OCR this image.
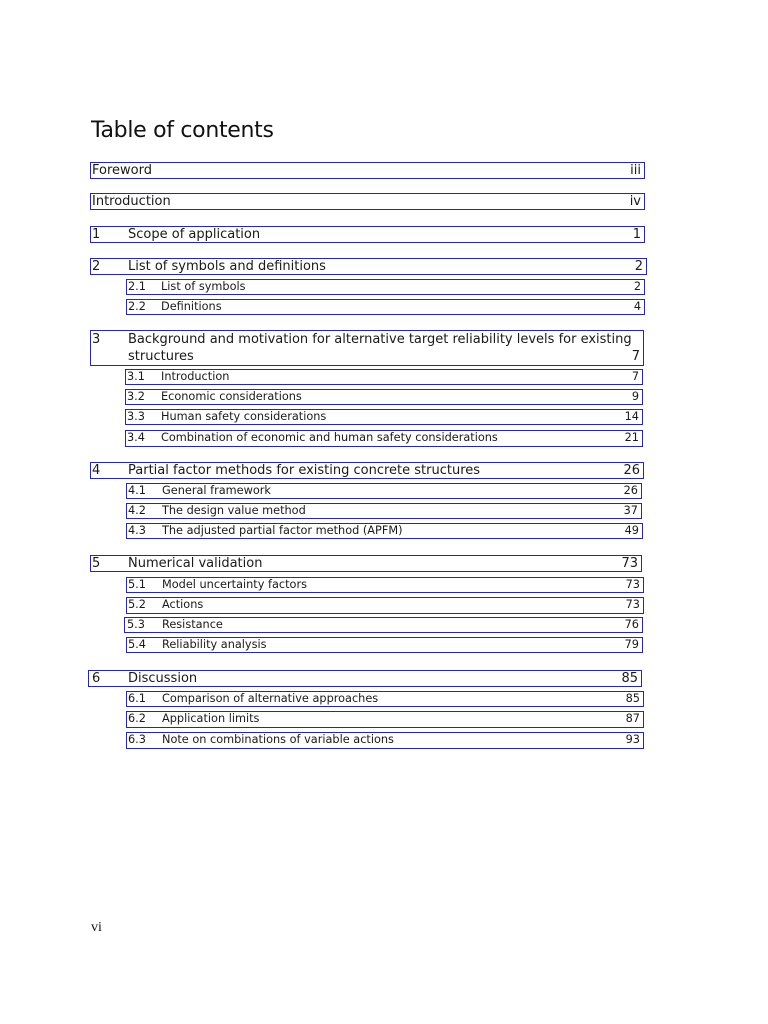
Table of contents
Foreword	iii
Introduction	iv
1 Scope of application	1
2 List of symbols and definitions	2
2.1 List of symbols	2
2.2 Definitions	4
3 Background and motivation for alternative target reliability levels for existing
structures	7
3.1 Introduction	7
3.2 Economic considerations	9
3.3 Human safety considerations	14
3.4 Combination of economic and human safety considerations	21
4 Partial factor methods for existing concrete structures	26
4.1 General framework	26
4.2 The design value method	37
4.3 The adjusted partial factor method (APFM)	49
5 Numerical validation	73
5.1 Model uncertainty factors	73
5.2 Actions	73
5.3 Resistance	76
5.4 Reliability analysis	79
6 Discussion	85
6.1 Comparison of alternative approaches	85
6.2 Application limits	87
6.3 Note on combinations of variable actions	93
vi
